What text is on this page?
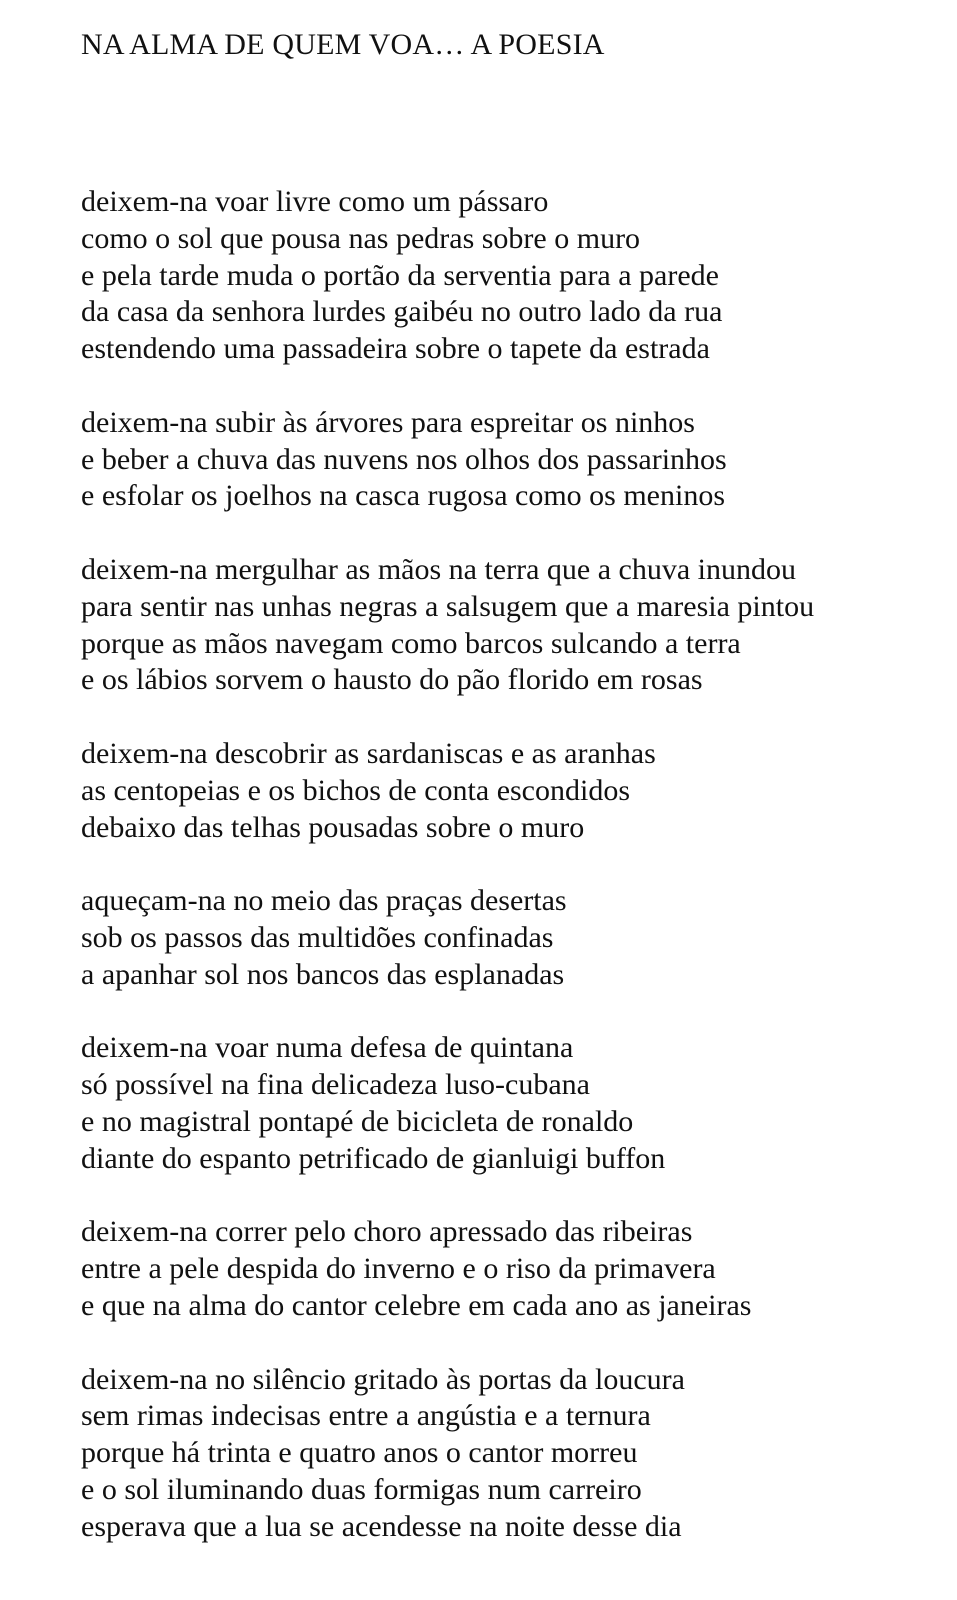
NA ALMA DE QUEM VOA… A POESIA
deixem-na voar livre como um pássaro
como o sol que pousa nas pedras sobre o muro
e pela tarde muda o portão da serventia para a parede
da casa da senhora lurdes gaibéu no outro lado da rua
estendendo uma passadeira sobre o tapete da estrada
deixem-na subir às árvores para espreitar os ninhos
e beber a chuva das nuvens nos olhos dos passarinhos
e esfolar os joelhos na casca rugosa como os meninos
deixem-na mergulhar as mãos na terra que a chuva inundou
para sentir nas unhas negras a salsugem que a maresia pintou
porque as mãos navegam como barcos sulcando a terra
e os lábios sorvem o hausto do pão florido em rosas
deixem-na descobrir as sardaniscas e as aranhas
as centopeias e os bichos de conta escondidos
debaixo das telhas pousadas sobre o muro
aqueçam-na no meio das praças desertas
sob os passos das multidões confinadas
a apanhar sol nos bancos das esplanadas
deixem-na voar numa defesa de quintana
só possível na fina delicadeza luso-cubana
e no magistral pontapé de bicicleta de ronaldo
diante do espanto petrificado de gianluigi buffon
deixem-na correr pelo choro apressado das ribeiras
entre a pele despida do inverno e o riso da primavera
e que na alma do cantor celebre em cada ano as janeiras
deixem-na no silêncio gritado às portas da loucura
sem rimas indecisas entre a angústia e a ternura
porque há trinta e quatro anos o cantor morreu
e o sol iluminando duas formigas num carreiro
esperava que a lua se acendesse na noite desse dia
